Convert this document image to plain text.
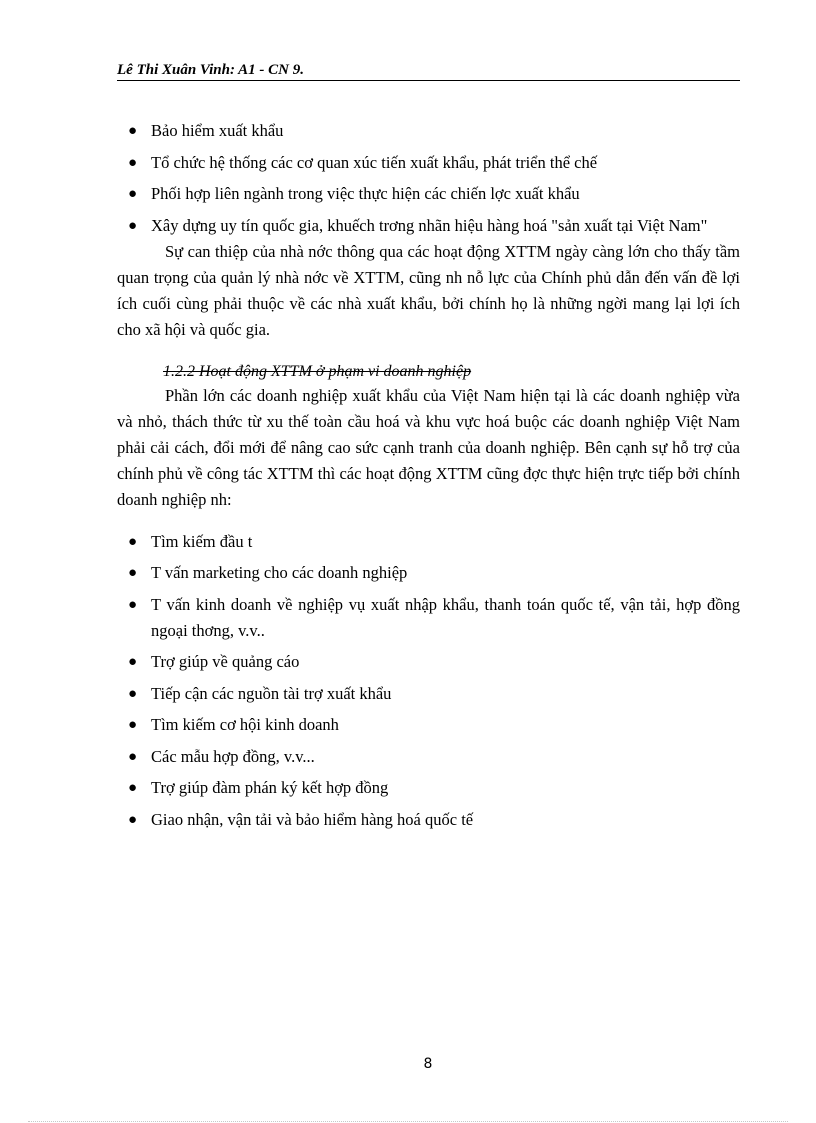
Lê Thi Xuân Vinh: A1 - CN 9.
● Bảo hiểm xuất khẩu
● Tổ chức hệ thống các cơ quan xúc tiến xuất khẩu, phát triển thể chế
● Phối hợp liên ngành trong việc thực hiện các chiến lợc xuất khẩu
● Xây dựng uy tín quốc gia, khuếch trơng nhãn hiệu hàng hoá "sản xuất tại Việt Nam"

Sự can thiệp của nhà nớc thông qua các hoạt động XTTM ngày càng lớn cho thấy tầm quan trọng của quản lý nhà nớc về XTTM, cũng nh nỗ lực của Chính phủ dẫn đến vấn đề lợi ích cuối cùng phải thuộc về các nhà xuất khẩu, bởi chính họ là những ngời mang lại lợi ích cho xã hội và quốc gia.

1.2.2 Hoạt động XTTM ở phạm vi doanh nghiệp

Phần lớn các doanh nghiệp xuất khẩu của Việt Nam hiện tại là các doanh nghiệp vừa và nhỏ, thách thức từ xu thế toàn cầu hoá và khu vực hoá buộc các doanh nghiệp Việt Nam phải cải cách, đổi mới để nâng cao sức cạnh tranh của doanh nghiệp. Bên cạnh sự hỗ trợ của chính phủ về công tác XTTM thì các hoạt động XTTM cũng đợc thực hiện trực tiếp bởi chính doanh nghiệp nh:

● Tìm kiếm đầu t
● T vấn marketing cho các doanh nghiệp
● T vấn kinh doanh về nghiệp vụ xuất nhập khẩu, thanh toán quốc tế, vận tải, hợp đồng ngoại thơng, v.v..
● Trợ giúp về quảng cáo
● Tiếp cận các nguồn tài trợ xuất khẩu
● Tìm kiếm cơ hội kinh doanh
● Các mẫu hợp đồng, v.v...
● Trợ giúp đàm phán ký kết hợp đồng
● Giao nhận, vận tải và bảo hiểm hàng hoá quốc tế
8
